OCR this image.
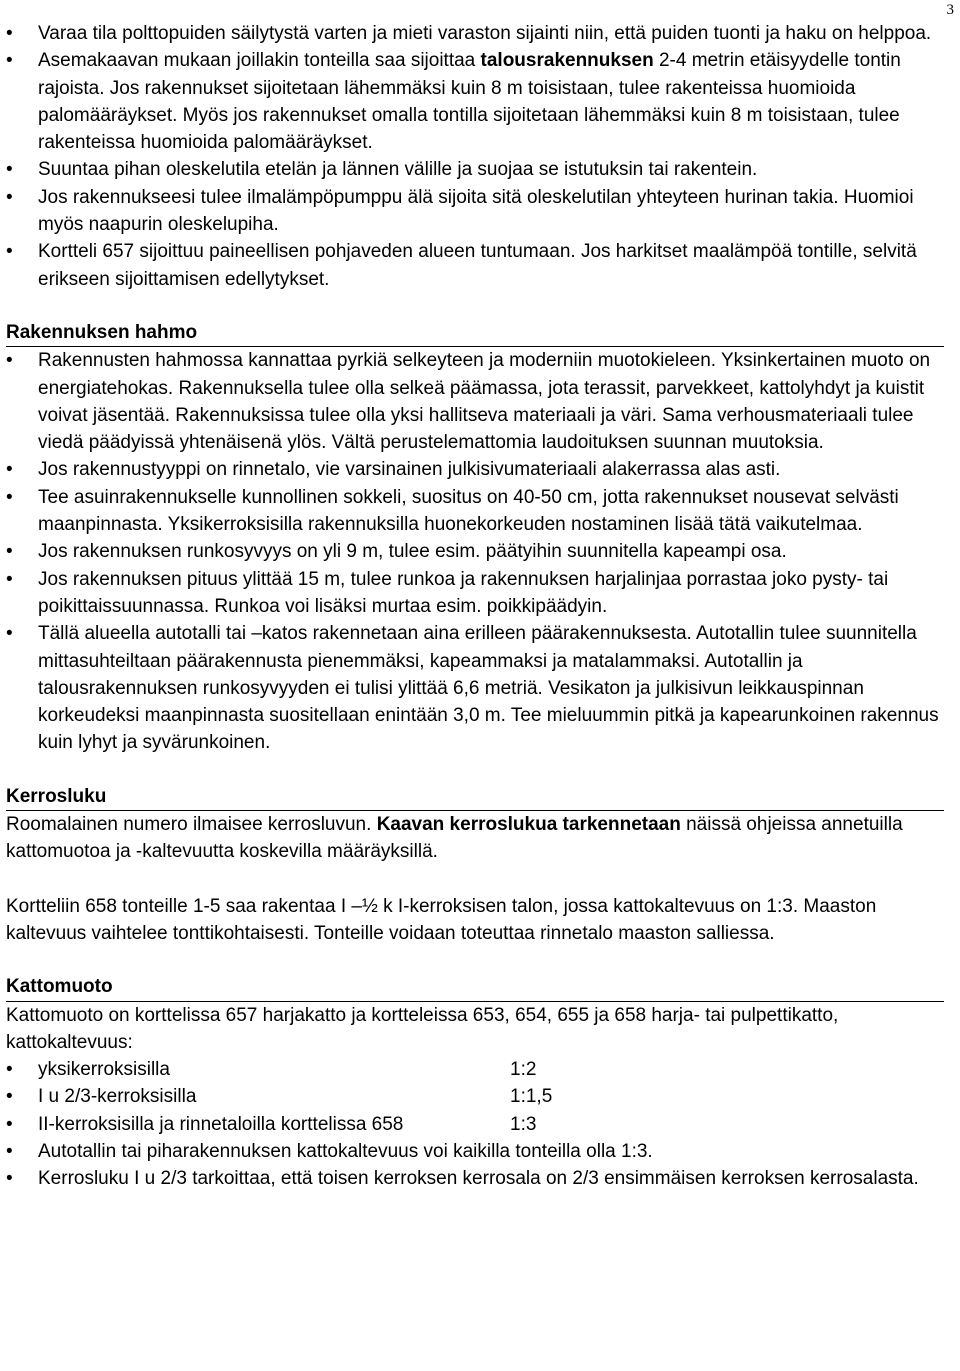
3
• Varaa tila polttopuiden säilytystä varten ja mieti varaston sijainti niin, että puiden tuonti ja haku on helppoa.
• Asemakaavan mukaan joillakin tonteilla saa sijoittaa talousrakennuksen 2-4 metrin etäisyydelle tontin rajoista. Jos rakennukset sijoitetaan lähemmäksi kuin 8 m toisistaan, tulee rakenteissa huomioida palomääräykset. Myös jos rakennukset omalla tontilla sijoitetaan lähemmäksi kuin 8 m toisistaan, tulee rakenteissa huomioida palomääräykset.
• Suuntaa pihan oleskelutila etelän ja lännen välille ja suojaa se istutuksin tai rakentein.
• Jos rakennukseesi tulee ilmalämpöpumppu älä sijoita sitä oleskelutilan yhteyteen hurinan takia. Huomioi myös naapurin oleskelupiha.
• Kortteli 657 sijoittuu paineellisen pohjaveden alueen tuntumaan. Jos harkitset maalämpöä tontille, selvitä erikseen sijoittamisen edellytykset.
Rakennuksen hahmo
• Rakennusten hahmossa kannattaa pyrkiä selkeyteen ja moderniin muotokieleen. Yksinkertainen muoto on energiatehokas. Rakennuksella tulee olla selkeä päämassa, jota terassit, parvekkeet, kattolyhdyt ja kuistit voivat jäsentää. Rakennuksissa tulee olla yksi hallitseva materiaali ja väri. Sama verhousmateriaali tulee viedä päädyissä yhtenäisenä ylös. Vältä perustelemattomia laudoituksen suunnan muutoksia.
• Jos rakennustyyppi on rinnetalo, vie varsinainen julkisivumateriaali alakerrassa alas asti.
• Tee asuinrakennukselle kunnollinen sokkeli, suositus on 40-50 cm, jotta rakennukset nousevat selvästi maanpinnasta. Yksikerroksisilla rakennuksilla huonekorkeuden nostaminen lisää tätä vaikutelmaa.
• Jos rakennuksen runkosyvyys on yli 9 m, tulee esim. päätyihin suunnitella kapeampi osa.
• Jos rakennuksen pituus ylittää 15 m, tulee runkoa ja rakennuksen harjalinjaa porrastaa joko pysty- tai poikittaissuunnassa. Runkoa voi lisäksi murtaa esim. poikkipäädyin.
• Tällä alueella autotalli tai –katos rakennetaan aina erilleen päärakennuksesta. Autotallin tulee suunnitella mittasuhteiltaan päärakennusta pienemmäksi, kapeammaksi ja matalammaksi. Autotallin ja talousrakennuksen runkosyvyyden ei tulisi ylittää 6,6 metriä. Vesikaton ja julkisivun leikkauspinnan korkeudeksi maanpinnasta suositellaan enintään 3,0 m. Tee mieluummin pitkä ja kapearunkoinen rakennus kuin lyhyt ja syvärunkoinen.
Kerrosluku

Roomalainen numero ilmaisee kerrosluvun. Kaavan kerroslukua tarkennetaan näissä ohjeissa annetuilla kattomuotoa ja -kaltevuutta koskevilla määräyksillä.

Kortteliin 658 tonteille 1-5 saa rakentaa I –½ k I-kerroksisen talon, jossa kattokaltevuus on 1:3. Maaston kaltevuus vaihtelee tonttikohtaisesti. Tonteille voidaan toteuttaa rinnetalo maaston salliessa.

Kattomuoto

Kattomuoto on korttelissa 657 harjakatto ja kortteleissa 653, 654, 655 ja 658 harja- tai pulpettikatto, kattokaltevuus:

• yksikerroksisilla	1:2
• I u 2/3-kerroksisilla	1:1,5
• II-kerroksisilla ja rinnetaloilla korttelissa 658	1:3
• Autotallin tai piharakennuksen kattokaltevuus voi kaikilla tonteilla olla 1:3.
• Kerrosluku I u 2/3 tarkoittaa, että toisen kerroksen kerrosala on 2/3 ensimmäisen kerroksen kerrosalasta.
